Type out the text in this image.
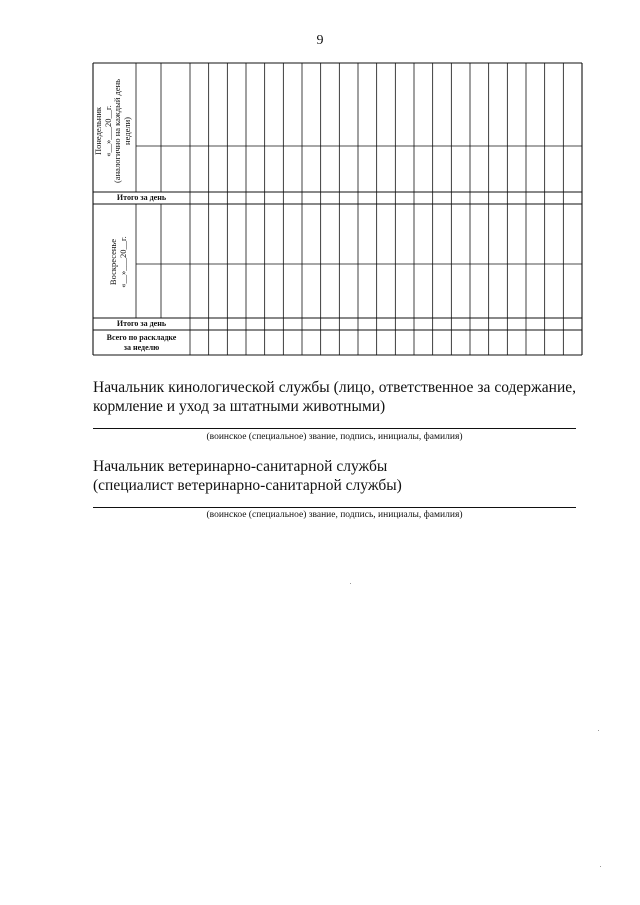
9
Понедельник «__»___20__г. (аналогично на каждый день недели)
Воскресенье «__»___20__г.
Итого за день
Итого за день
Всего по раскладке
за неделю
Начальник кинологической службы (лицо, ответственное за содержание,
кормление и уход за штатными животными)
(воинское (специальное) звание, подпись, инициалы, фамилия)
Начальник ветеринарно-санитарной службы
(специалист ветеринарно-санитарной службы)
(воинское (специальное) звание, подпись, инициалы, фамилия)
